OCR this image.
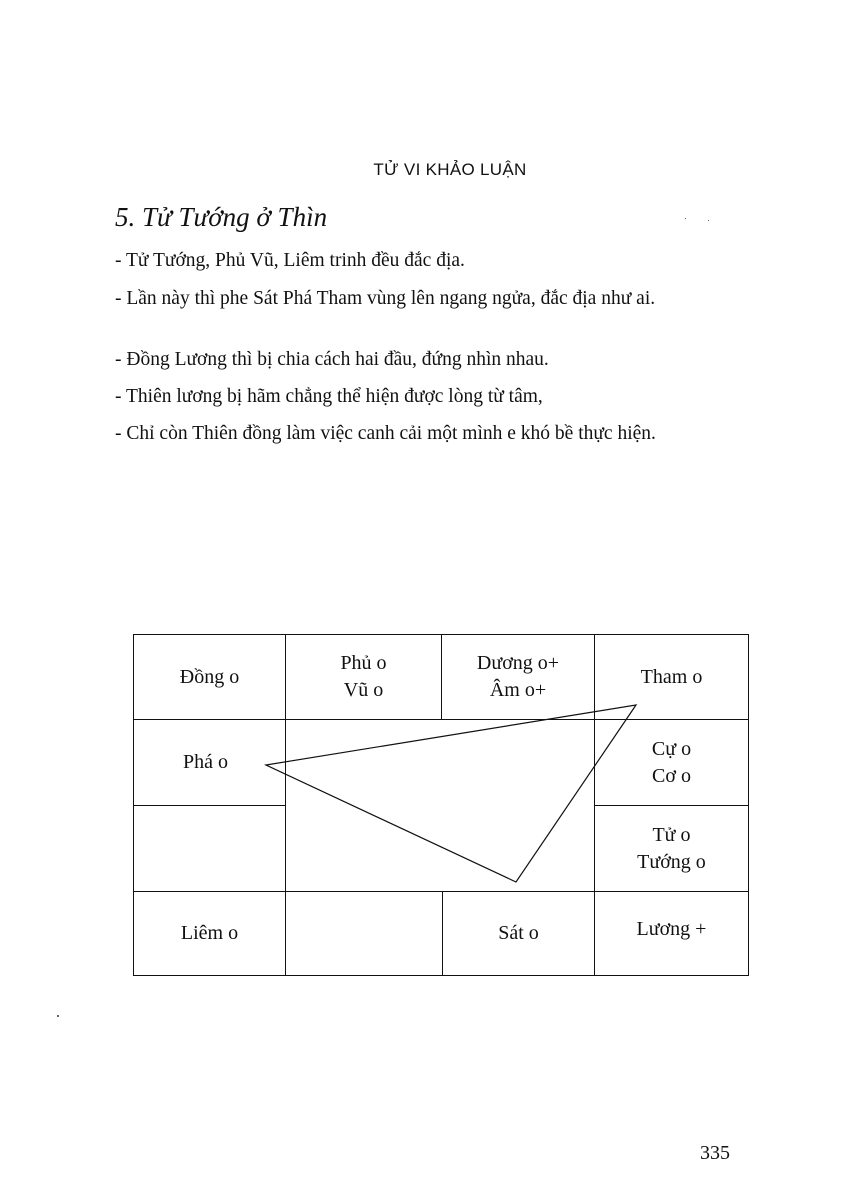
TỬ VI KHẢO LUẬN
5. Tử Tướng ở Thìn

- Tử Tướng, Phủ Vũ, Liêm trinh đều đắc địa.

- Lần này thì phe Sát Phá Tham vùng lên ngang ngửa, đắc địa như ai.

- Đồng Lương thì bị chia cách hai đầu, đứng nhìn nhau.

- Thiên lương bị hãm chẳng thể hiện được lòng từ tâm,

- Chỉ còn Thiên đồng làm việc canh cải một mình e khó bề thực hiện.

Đồng o
Phủ o
Vũ o
Dương o+
Âm o+
Tham o
Phá o
Cự o
Cơ o
Tử o
Tướng o
Liêm o	Sát o	Lương +
335
